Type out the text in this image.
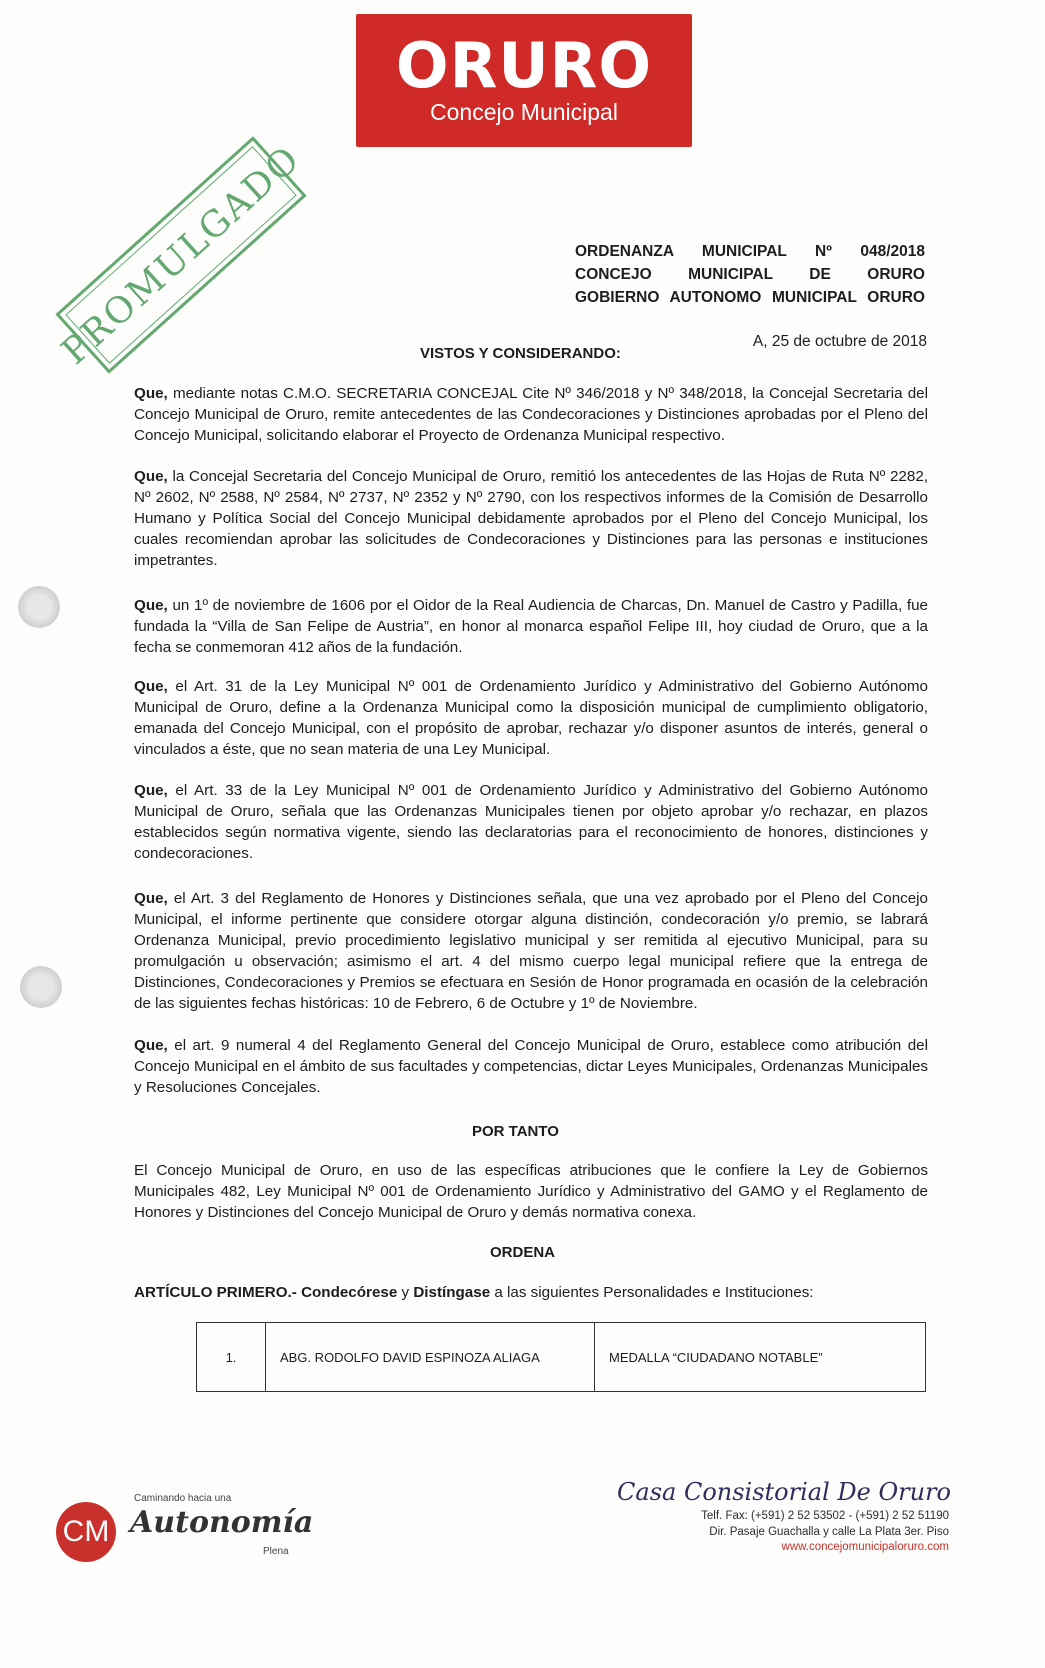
ORURO
Concejo Municipal
PROMULGADO	ORDENANZA MUNICIPAL Nº 048/2018
CONCEJO MUNICIPAL DE ORURO
GOBIERNO AUTONOMO MUNICIPAL ORURO
A, 25 de octubre de 2018
VISTOS Y CONSIDERANDO:
Que, mediante notas C.M.O. SECRETARIA CONCEJAL Cite Nº 346/2018 y Nº 348/2018, la Concejal Secretaria del Concejo Municipal de Oruro, remite antecedentes de las Condecoraciones y Distinciones aprobadas por el Pleno del Concejo Municipal, solicitando elaborar el Proyecto de Ordenanza Municipal respectivo.
Que, la Concejal Secretaria del Concejo Municipal de Oruro, remitió los antecedentes de las Hojas de Ruta Nº 2282, Nº 2602, Nº 2588, Nº 2584, Nº 2737, Nº 2352 y Nº 2790, con los respectivos informes de la Comisión de Desarrollo Humano y Política Social del Concejo Municipal debidamente aprobados por el Pleno del Concejo Municipal, los cuales recomiendan aprobar las solicitudes de Condecoraciones y Distinciones para las personas e instituciones impetrantes.
Que, un 1º de noviembre de 1606 por el Oidor de la Real Audiencia de Charcas, Dn. Manuel de Castro y Padilla, fue fundada la “Villa de San Felipe de Austria”, en honor al monarca español Felipe III, hoy ciudad de Oruro, que a la fecha se conmemoran 412 años de la fundación.
Que, el Art. 31 de la Ley Municipal Nº 001 de Ordenamiento Jurídico y Administrativo del Gobierno Autónomo Municipal de Oruro, define a la Ordenanza Municipal como la disposición municipal de cumplimiento obligatorio, emanada del Concejo Municipal, con el propósito de aprobar, rechazar y/o disponer asuntos de interés, general o vinculados a éste, que no sean materia de una Ley Municipal.
Que, el Art. 33 de la Ley Municipal Nº 001 de Ordenamiento Jurídico y Administrativo del Gobierno Autónomo Municipal de Oruro, señala que las Ordenanzas Municipales tienen por objeto aprobar y/o rechazar, en plazos establecidos según normativa vigente, siendo las declaratorias para el reconocimiento de honores, distinciones y condecoraciones.
Que, el Art. 3 del Reglamento de Honores y Distinciones señala, que una vez aprobado por el Pleno del Concejo Municipal, el informe pertinente que considere otorgar alguna distinción, condecoración y/o premio, se labrará Ordenanza Municipal, previo procedimiento legislativo municipal y ser remitida al ejecutivo Municipal, para su promulgación u observación; asimismo el art. 4 del mismo cuerpo legal municipal refiere que la entrega de Distinciones, Condecoraciones y Premios se efectuara en Sesión de Honor programada en ocasión de la celebración de las siguientes fechas históricas: 10 de Febrero, 6 de Octubre y 1º de Noviembre.
Que, el art. 9 numeral 4 del Reglamento General del Concejo Municipal de Oruro, establece como atribución del Concejo Municipal en el ámbito de sus facultades y competencias, dictar Leyes Municipales, Ordenanzas Municipales y Resoluciones Concejales.
POR TANTO
El Concejo Municipal de Oruro, en uso de las específicas atribuciones que le confiere la Ley de Gobiernos Municipales 482, Ley Municipal Nº 001 de Ordenamiento Jurídico y Administrativo del GAMO y el Reglamento de Honores y Distinciones del Concejo Municipal de Oruro y demás normativa conexa.
ORDENA
ARTÍCULO PRIMERO.- Condecórese y Distíngase a las siguientes Personalidades e Instituciones:
1.	ABG. RODOLFO DAVID ESPINOZA ALIAGA	MEDALLA “CIUDADANO NOTABLE”
CM
Caminando hacia una
Autonomía
Plena
Casa Consistorial De Oruro
Telf. Fax: (+591) 2 52 53502 - (+591) 2 52 51190
Dir. Pasaje Guachalla y calle La Plata 3er. Piso
www.concejomunicipaloruro.com
